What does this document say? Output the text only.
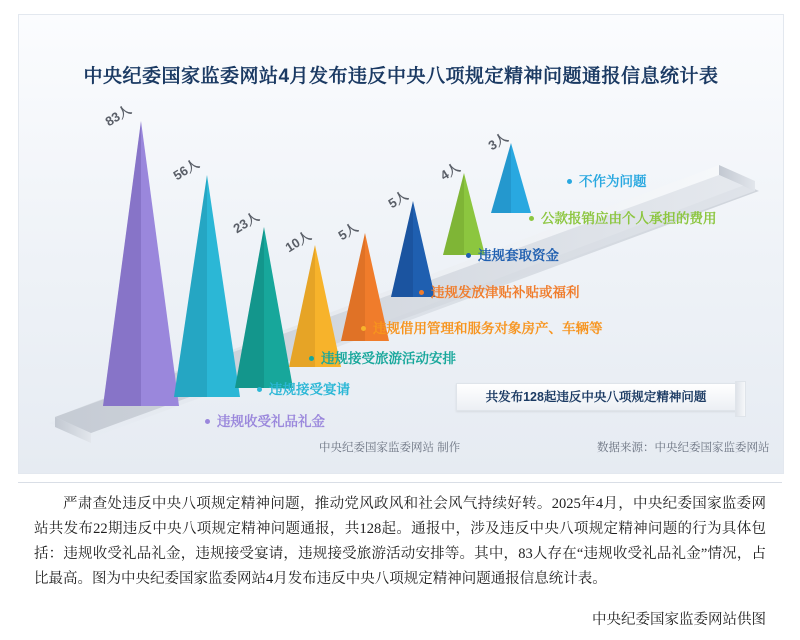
中央纪委国家监委网站4月发布违反中央八项规定精神问题通报信息统计表
83人
56人
23人
10人 5人
5人
4人
3人
不作为问题
公款报销应由个人承担的费用
违规套取资金
违规发放津贴补贴或福利
违规借用管理和服务对象房产、车辆等
违规接受旅游活动安排
违规接受宴请
违规收受礼品礼金
共发布128起违反中央八项规定精神问题
中央纪委国家监委网站 制作	数据来源：中央纪委国家监委网站

严肃查处违反中央八项规定精神问题，推动党风政风和社会风气持续好转。2025年4月，中央纪委国家监委网站共发布22期违反中央八项规定精神问题通报，共128起。通报中，涉及违反中央八项规定精神问题的行为具体包括：违规收受礼品礼金，违规接受宴请，违规接受旅游活动安排等。其中，83人存在“违规收受礼品礼金”情况，占比最高。图为中央纪委国家监委网站4月发布违反中央八项规定精神问题通报信息统计表。

中央纪委国家监委网站供图
